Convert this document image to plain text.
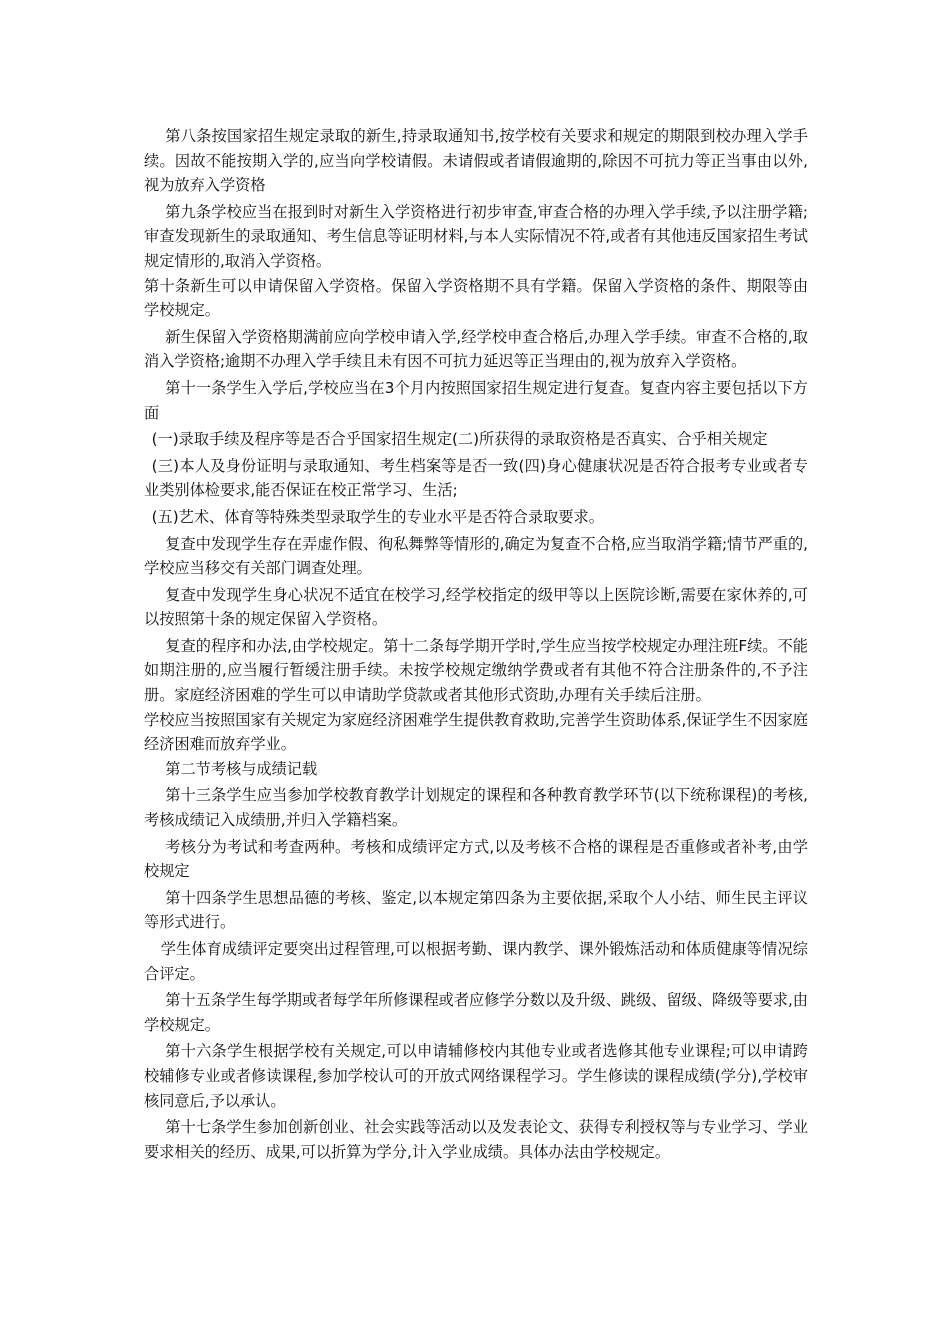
第八条按国家招生规定录取的新生,持录取通知书,按学校有关要求和规定的期限到校办理入学手续。因故不能按期入学的,应当向学校请假。未请假或者请假逾期的,除因不可抗力等正当事由以外,视为放弃入学资格

第九条学校应当在报到时对新生入学资格进行初步审查,审查合格的办理入学手续,予以注册学籍;审查发现新生的录取通知、考生信息等证明材料,与本人实际情况不符,或者有其他违反国家招生考试规定情形的,取消入学资格。

第十条新生可以申请保留入学资格。保留入学资格期不具有学籍。保留入学资格的条件、期限等由学校规定。

新生保留入学资格期满前应向学校申请入学,经学校申查合格后,办理入学手续。审查不合格的,取消入学资格;逾期不办理入学手续且未有因不可抗力延迟等正当理由的,视为放弃入学资格。

第十一条学生入学后,学校应当在3个月内按照国家招生规定进行复查。复查内容主要包括以下方面

(一)录取手续及程序等是否合乎国家招生规定(二)所获得的录取资格是否真实、合乎相关规定

(三)本人及身份证明与录取通知、考生档案等是否一致(四)身心健康状况是否符合报考专业或者专业类别体检要求,能否保证在校正常学习、生活;

(五)艺术、体育等特殊类型录取学生的专业水平是否符合录取要求。

复查中发现学生存在弄虚作假、徇私舞弊等情形的,确定为复查不合格,应当取消学籍;情节严重的,学校应当移交有关部门调查处理。

复查中发现学生身心状况不适宜在校学习,经学校指定的级甲等以上医院诊断,需要在家休养的,可以按照第十条的规定保留入学资格。

复查的程序和办法,由学校规定。第十二条每学期开学时,学生应当按学校规定办理注班F续。不能如期注册的,应当履行暂缓注册手续。未按学校规定缴纳学费或者有其他不符合注册条件的,不予注册。家庭经济困难的学生可以申请助学贷款或者其他形式资助,办理有关手续后注册。

学校应当按照国家有关规定为家庭经济困难学生提供教育救助,完善学生资助体系,保证学生不因家庭经济困难而放弃学业。

第二节考核与成绩记载

第十三条学生应当参加学校教育教学计划规定的课程和各种教育教学环节(以下统称课程)的考核,考核成绩记入成绩册,并归入学籍档案。

考核分为考试和考查两种。考核和成绩评定方式,以及考核不合格的课程是否重修或者补考,由学校规定

第十四条学生思想品德的考核、鉴定,以本规定第四条为主要依据,采取个人小结、师生民主评议等形式进行。

学生体育成绩评定要突出过程管理,可以根据考勤、课内教学、课外锻炼活动和体质健康等情况综合评定。

第十五条学生每学期或者每学年所修课程或者应修学分数以及升级、跳级、留级、降级等要求,由学校规定。

第十六条学生根据学校有关规定,可以申请辅修校内其他专业或者选修其他专业课程;可以申请跨校辅修专业或者修读课程,参加学校认可的开放式网络课程学习。学生修读的课程成绩(学分),学校审核同意后,予以承认。

第十七条学生参加创新创业、社会实践等活动以及发表论文、获得专利授权等与专业学习、学业要求相关的经历、成果,可以折算为学分,计入学业成绩。具体办法由学校规定。
